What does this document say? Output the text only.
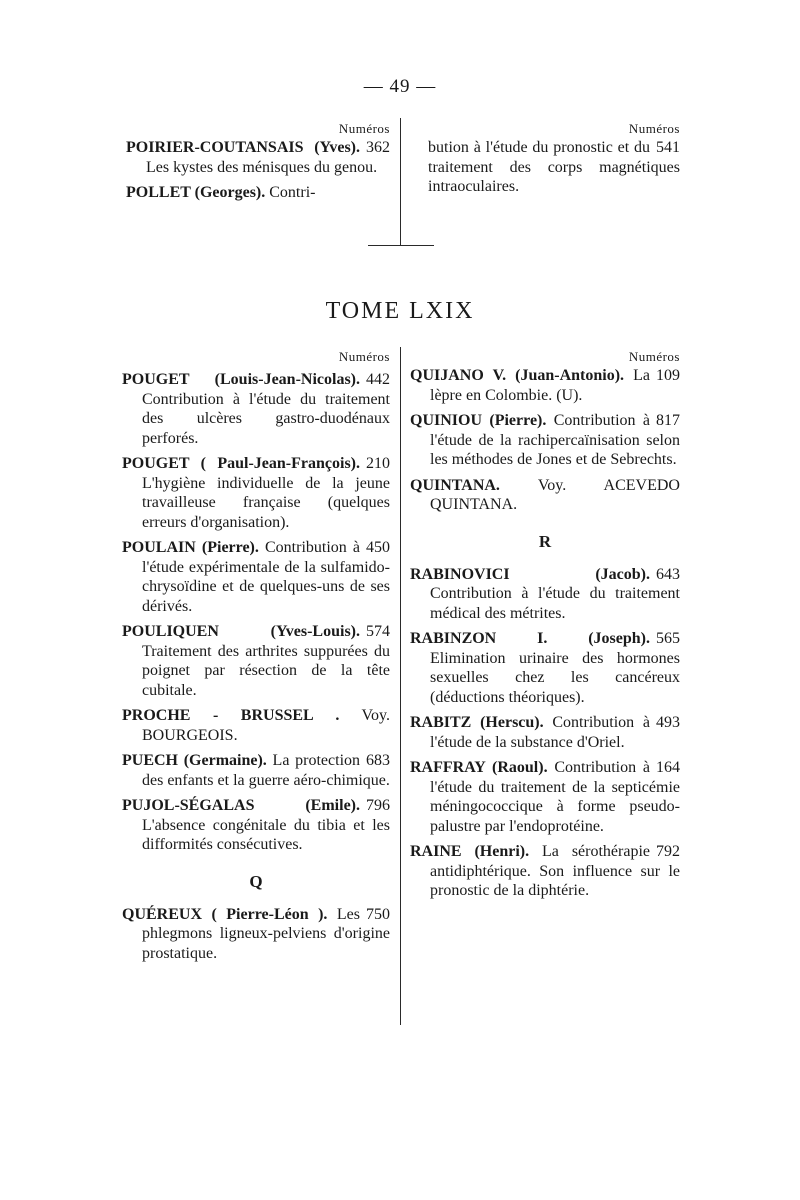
— 49 —
TOME LXIX
Numéros
362
POIRIER-COUTANSAIS (Yves). Les kystes des ménisques du genou.
POLLET (Georges). Contri-
Numéros
541
bution à l'étude du pronostic et du traitement des corps magnétiques intraoculaires.
Numéros
442
POUGET (Louis-Jean-Nicolas). Contribution à l'étude du traitement des ulcères gastro-duodénaux perforés.
210
POUGET ( Paul-Jean-François). L'hygiène individuelle de la jeune travailleuse française (quelques erreurs d'organisation).
450
POULAIN (Pierre). Contribution à l'étude expérimentale de la sulfamido-chrysoïdine et de quelques-uns de ses dérivés.
574
POULIQUEN (Yves-Louis). Traitement des arthrites suppurées du poignet par résection de la tête cubitale.
PROCHE - BRUSSEL . Voy. BOURGEOIS.
683
PUECH (Germaine). La protection des enfants et la guerre aéro-chimique.
796
PUJOL-SÉGALAS (Emile). L'absence congénitale du tibia et les difformités consécutives.
Q
750
QUÉREUX ( Pierre-Léon ). Les phlegmons ligneux-pelviens d'origine prostatique.
Numéros
109
QUIJANO V. (Juan-Antonio). La lèpre en Colombie. (U).
817
QUINIOU (Pierre). Contribution à l'étude de la rachipercaïnisation selon les méthodes de Jones et de Sebrechts.
QUINTANA. Voy. ACEVEDO QUINTANA.
R
643
RABINOVICI (Jacob). Contribution à l'étude du traitement médical des métrites.
565
RABINZON I. (Joseph). Elimination urinaire des hormones sexuelles chez les cancéreux (déductions théoriques).
493
RABITZ (Herscu). Contribution à l'étude de la substance d'Oriel.
164
RAFFRAY (Raoul). Contribution à l'étude du traitement de la septicémie méningococcique à forme pseudo-palustre par l'endoprotéine.
792
RAINE (Henri). La sérothérapie antidiphtérique. Son influence sur le pronostic de la diphtérie.
